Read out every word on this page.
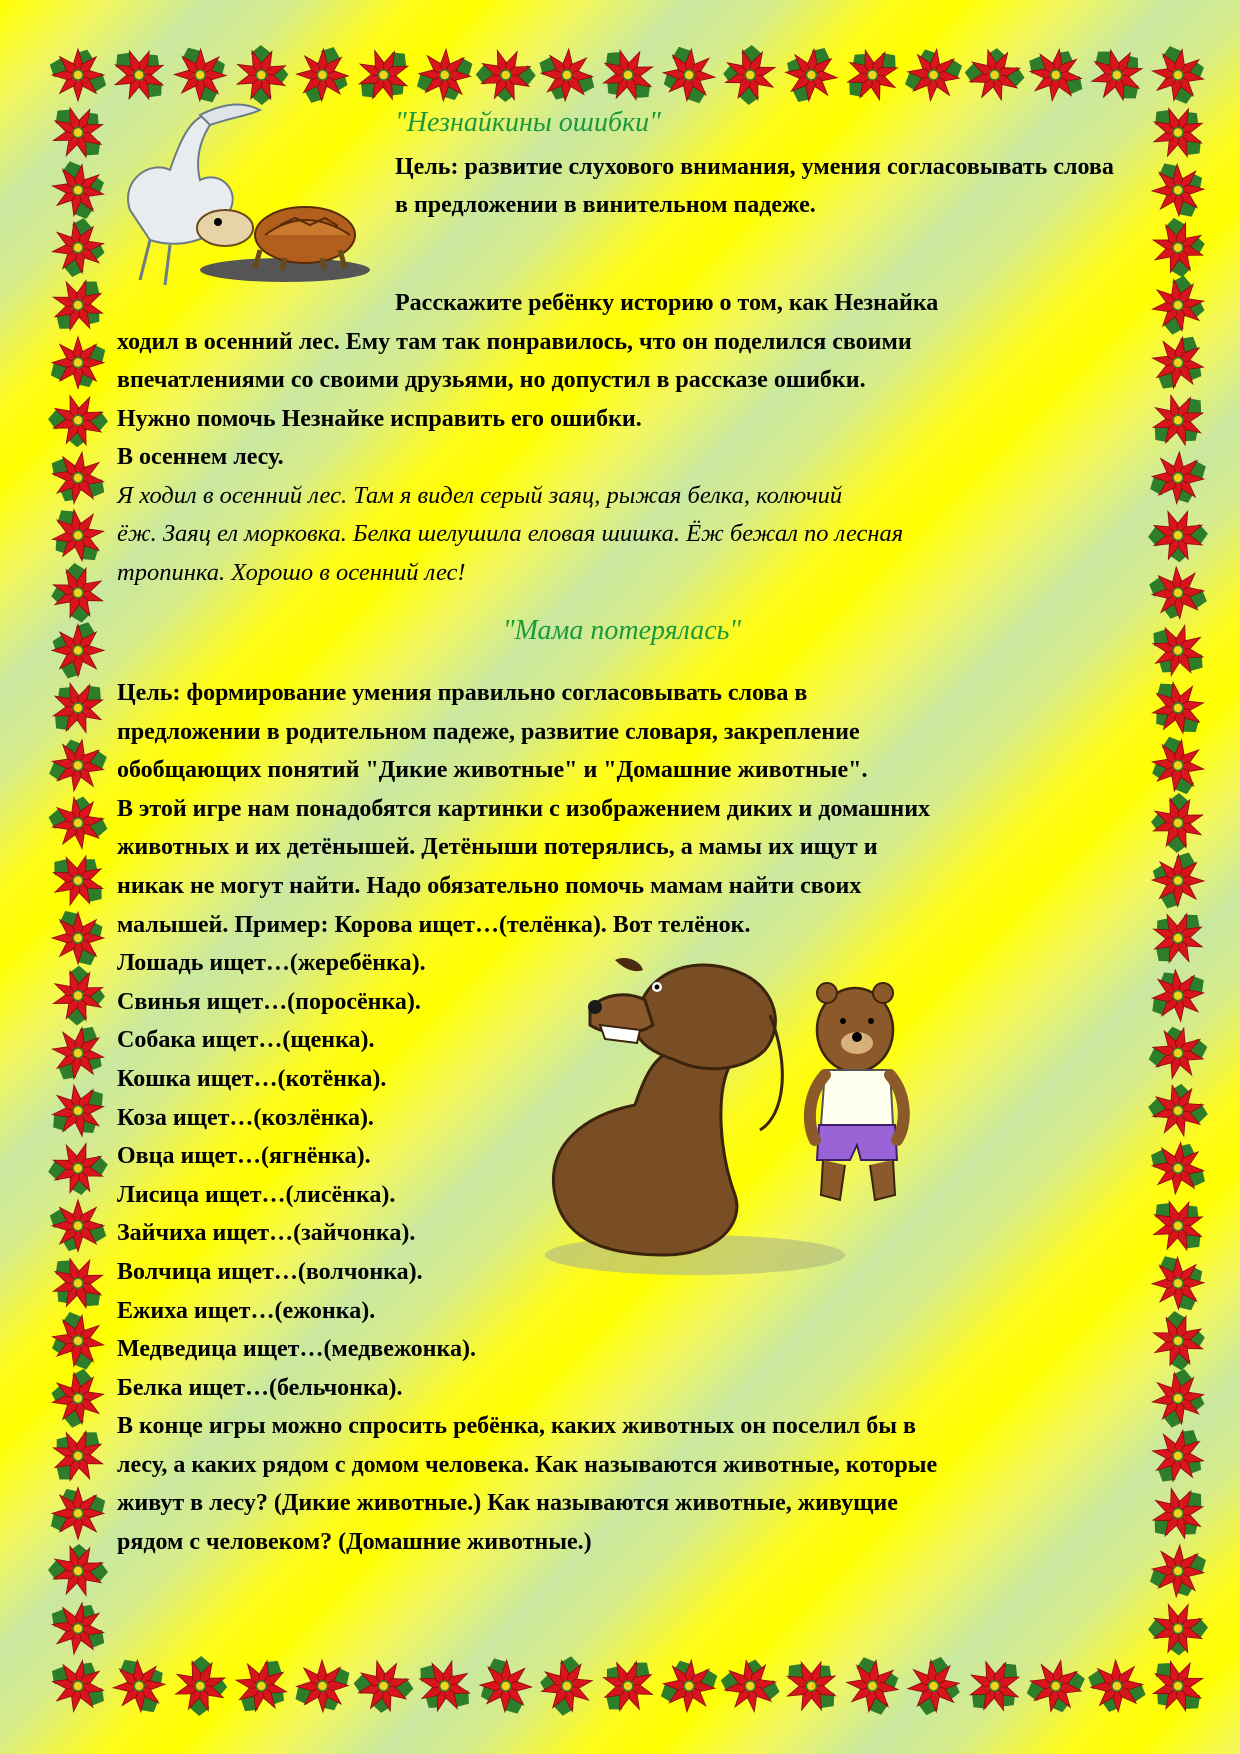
"Незнайкины ошибки"
Цель: развитие слухового внимания, умения согласовывать слова в предложении в винительном падеже.
Расскажите ребёнку историю о том, как Незнайка
ходил в осенний лес. Ему там так понравилось, что он поделился своими
впечатлениями со своими друзьями, но допустил в рассказе ошибки.
Нужно помочь Незнайке исправить его ошибки.
В осеннем лесу.
Я ходил в осенний лес. Там я видел серый заяц, рыжая белка, колючий
ёж. Заяц ел морковка. Белка шелушила еловая шишка. Ёж бежал по лесная
тропинка. Хорошо в осенний лес!
"Мама потерялась"
Цель: формирование умения правильно согласовывать слова в
предложении в родительном падеже, развитие словаря, закрепление
обобщающих понятий "Дикие животные" и "Домашние животные".
В этой игре нам понадобятся картинки с изображением диких и домашних
животных и их детёнышей. Детёныши потерялись, а мамы их ищут и
никак не могут найти. Надо обязательно помочь мамам найти своих
малышей. Пример: Корова ищет…(телёнка). Вот телёнок.
Лошадь ищет…(жеребёнка).
Свинья ищет…(поросёнка).
Собака ищет…(щенка).
Кошка ищет…(котёнка).
Коза ищет…(козлёнка).
Овца ищет…(ягнёнка).
Лисица ищет…(лисёнка).
Зайчиха ищет…(зайчонка).
Волчица ищет…(волчонка).
Ежиха ищет…(ежонка).
Медведица ищет…(медвежонка).
Белка ищет…(бельчонка).
В конце игры можно спросить ребёнка, каких животных он поселил бы в
лесу, а каких рядом с домом человека. Как называются животные, которые
живут в лесу? (Дикие животные.) Как называются животные, живущие
рядом с человеком? (Домашние животные.)
